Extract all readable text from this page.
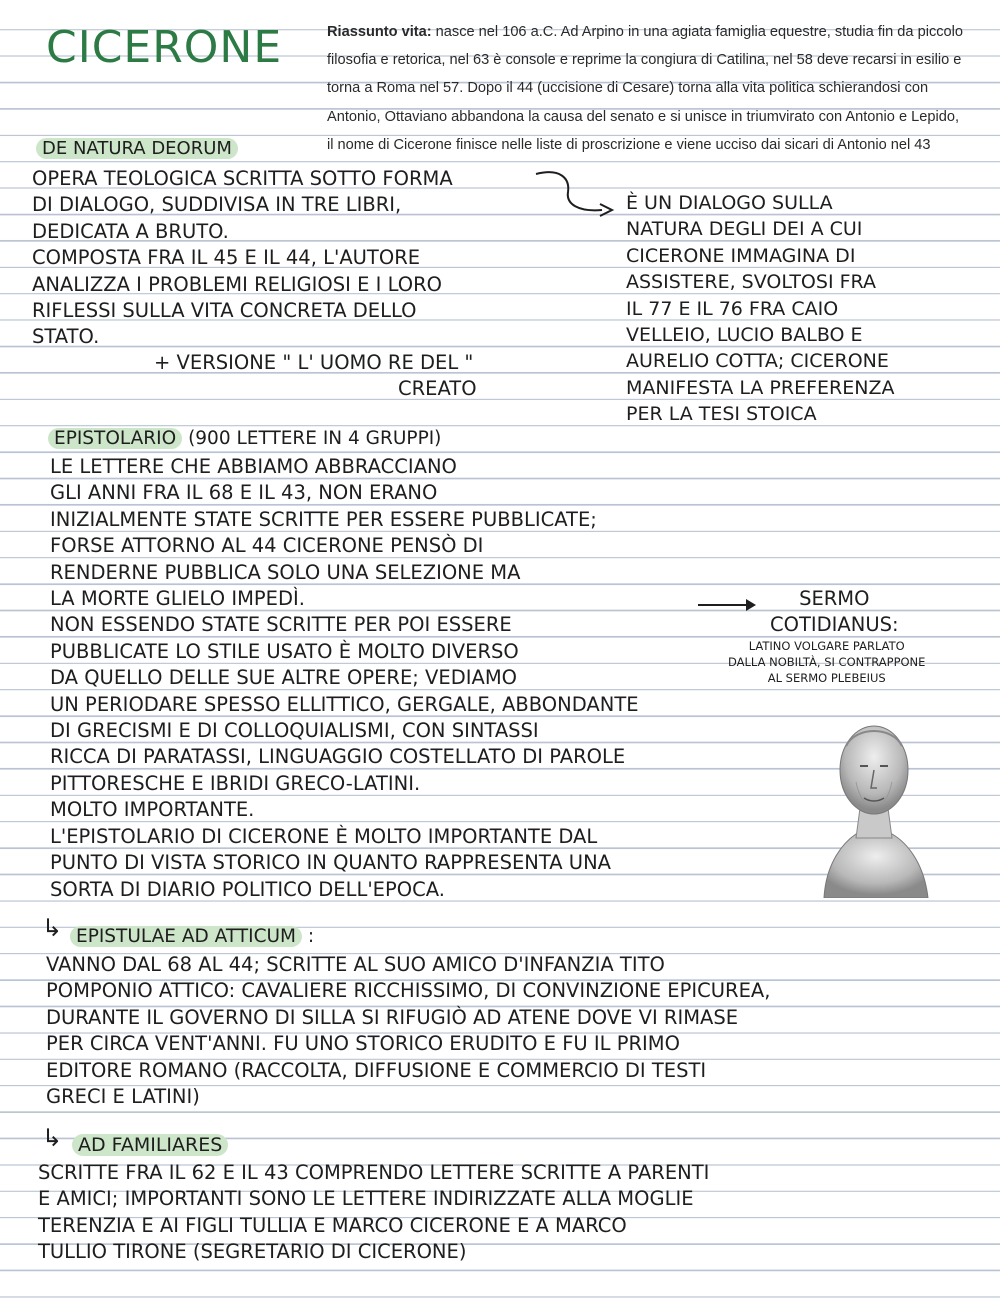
CICERONE	Riassunto vita: nasce nel 106 a.C. Ad Arpino in una agiata famiglia equestre, studia fin da piccolo filosofia e retorica, nel 63 è console e reprime la congiura di Catilina, nel 58 deve recarsi in esilio e torna a Roma nel 57. Dopo il 44 (uccisione di Cesare) torna alla vita politica schierandosi con Antonio, Ottaviano abbandona la causa del senato e si unisce in triumvirato con Antonio e Lepido, il nome di Cicerone finisce nelle liste di proscrizione e viene ucciso dai sicari di Antonio nel 43

DE NATURA DEORUM

OPERA TEOLOGICA SCRITTA SOTTO FORMA
DI DIALOGO, SUDDIVISA IN TRE LIBRI,
DEDICATA A BRUTO.
COMPOSTA FRA IL 45 E IL 44, L'AUTORE
ANALIZZA I PROBLEMI RELIGIOSI E I LORO
RIFLESSI SULLA VITA CONCRETA DELLO
STATO.

+ VERSIONE " L' UOMO RE DEL "

CREATO

È UN DIALOGO SULLA
NATURA DEGLI DEI A CUI
CICERONE IMMAGINA DI
ASSISTERE, SVOLTOSI FRA
IL 77 E IL 76 FRA CAIO
VELLEIO, LUCIO BALBO E
AURELIO COTTA; CICERONE
MANIFESTA LA PREFERENZA
PER LA TESI STOICA

EPISTOLARIO (900 LETTERE IN 4 GRUPPI)

LE LETTERE CHE ABBIAMO ABBRACCIANO
GLI ANNI FRA IL 68 E IL 43, NON ERANO
INIZIALMENTE STATE SCRITTE PER ESSERE PUBBLICATE;
FORSE ATTORNO AL 44 CICERONE PENSÒ DI
RENDERNE PUBBLICA SOLO UNA SELEZIONE MA
LA MORTE GLIELO IMPEDÌ.
NON ESSENDO STATE SCRITTE PER POI ESSERE
PUBBLICATE LO STILE USATO È MOLTO DIVERSO
DA QUELLO DELLE SUE ALTRE OPERE; VEDIAMO
UN PERIODARE SPESSO ELLITTICO, GERGALE, ABBONDANTE
DI GRECISMI E DI COLLOQUIALISMI, CON SINTASSI
RICCA DI PARATASSI, LINGUAGGIO COSTELLATO DI PAROLE
PITTORESCHE E IBRIDI GRECO-LATINI.
MOLTO IMPORTANTE.
L'EPISTOLARIO DI CICERONE È MOLTO IMPORTANTE DAL
PUNTO DI VISTA STORICO IN QUANTO RAPPRESENTA UNA
SORTA DI DIARIO POLITICO DELL'EPOCA.

SERMO
COTIDIANUS:

LATINO VOLGARE PARLATO
DALLA NOBILTÀ, SI CONTRAPPONE
AL SERMO PLEBEIUS

↳ EPISTULAE AD ATTICUM :

VANNO DAL 68 AL 44; SCRITTE AL SUO AMICO D'INFANZIA TITO
POMPONIO ATTICO: CAVALIERE RICCHISSIMO, DI CONVINZIONE EPICUREA,
DURANTE IL GOVERNO DI SILLA SI RIFUGIÒ AD ATENE DOVE VI RIMASE
PER CIRCA VENT'ANNI. FU UNO STORICO ERUDITO E FU IL PRIMO
EDITORE ROMANO (RACCOLTA, DIFFUSIONE E COMMERCIO DI TESTI
GRECI E LATINI)

↳ AD FAMILIARES

SCRITTE FRA IL 62 E IL 43 COMPRENDO LETTERE SCRITTE A PARENTI
E AMICI; IMPORTANTI SONO LE LETTERE INDIRIZZATE ALLA MOGLIE
TERENZIA E AI FIGLI TULLIA E MARCO CICERONE E A MARCO
TULLIO TIRONE (SEGRETARIO DI CICERONE)
